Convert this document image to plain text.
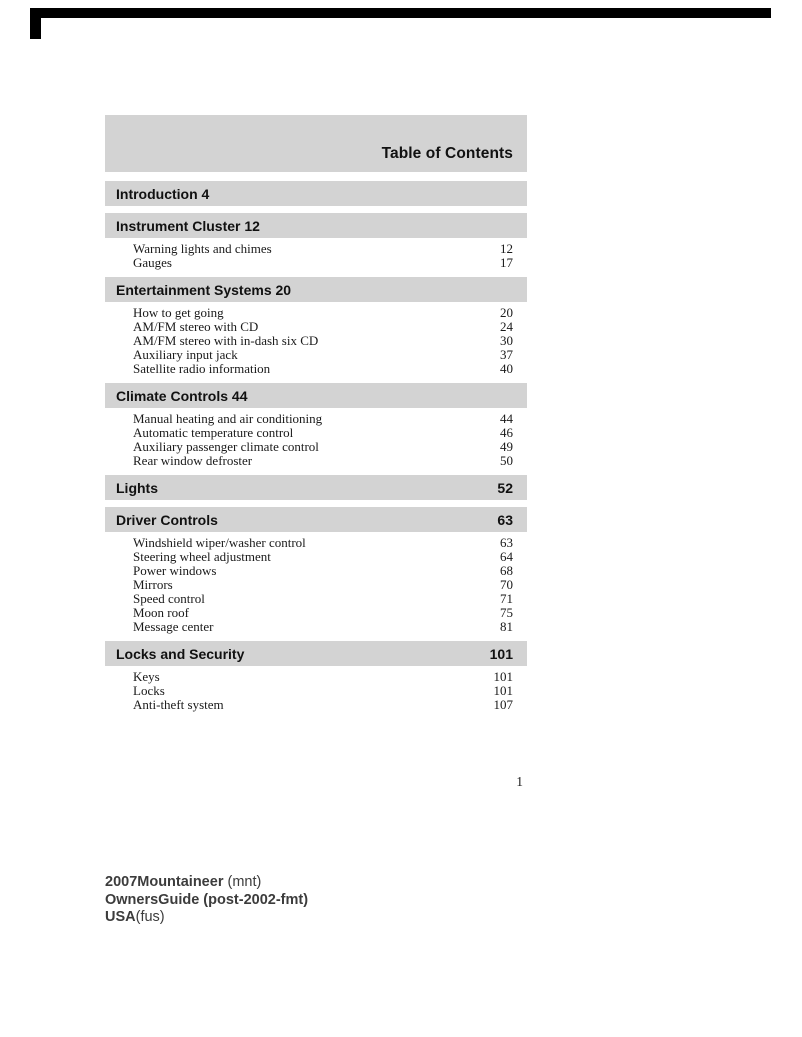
Table of Contents
Introduction 4
Instrument Cluster 12
Warning lights and chimes	12
Gauges	17
Entertainment Systems 20
How to get going	20
AM/FM stereo with CD	24
AM/FM stereo with in-dash six CD	30
Auxiliary input jack	37
Satellite radio information	40
Climate Controls 44
Manual heating and air conditioning	44
Automatic temperature control	46
Auxiliary passenger climate control	49
Rear window defroster	50
Lights	52
Driver Controls	63
Windshield wiper/washer control	63
Steering wheel adjustment	64
Power windows	68
Mirrors	70
Speed control	71
Moon roof	75
Message center	81
Locks and Security	101
Keys	101
Locks	101
Anti-theft system	107
1
2007Mountaineer (mnt)
OwnersGuide (post-2002-fmt)
USA(fus)
